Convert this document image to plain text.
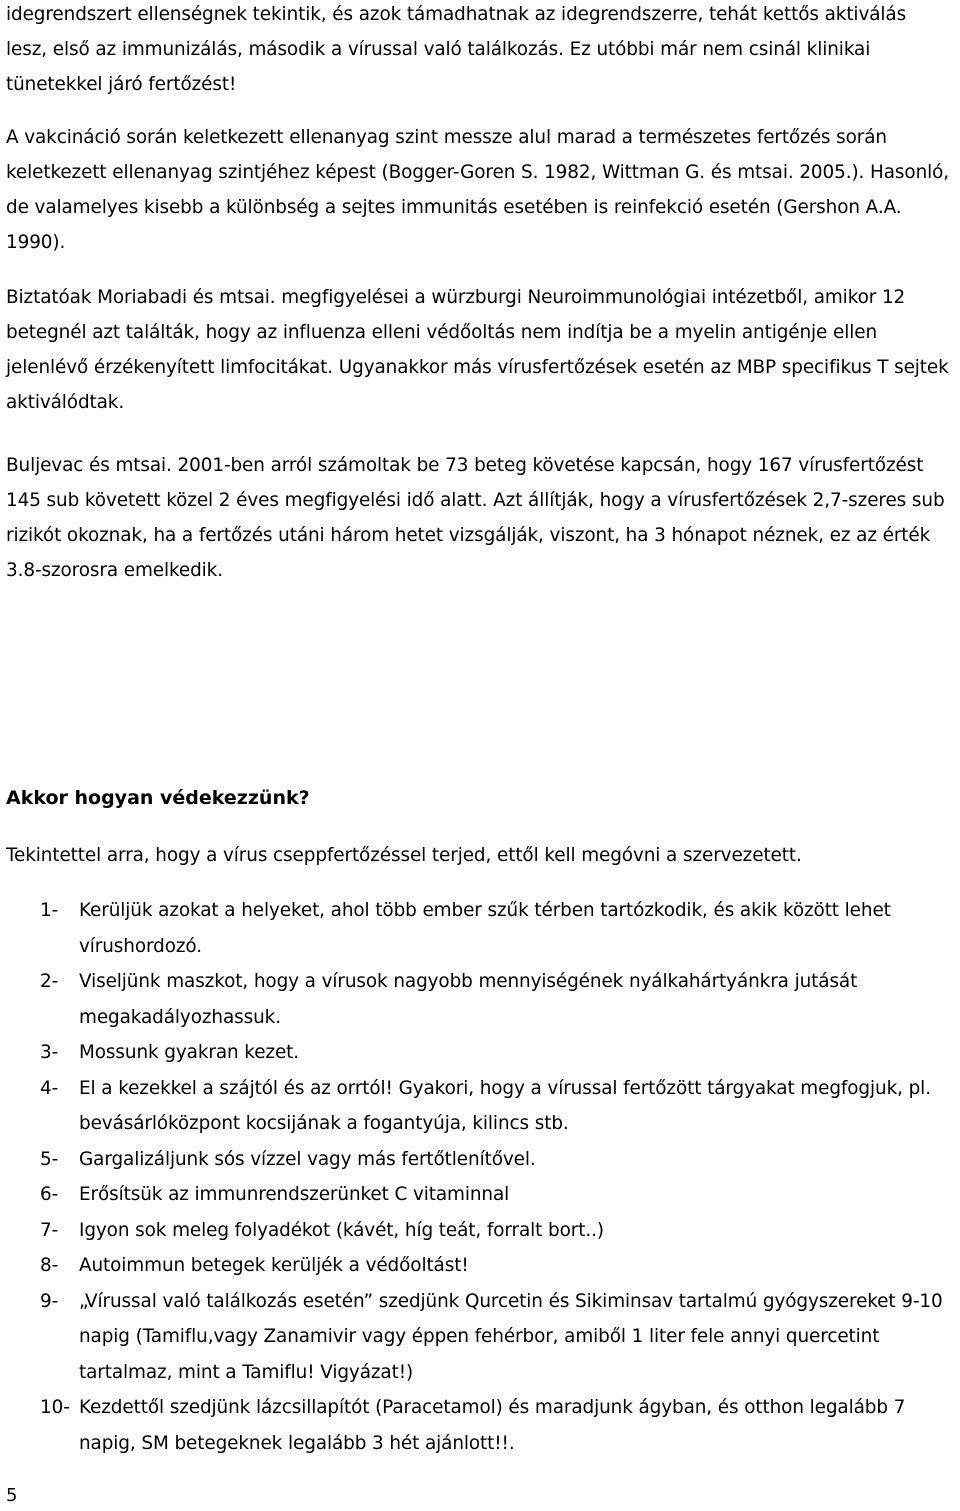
idegrendszert ellenségnek tekintik, és azok támadhatnak az idegrendszerre, tehát kettős aktiválás lesz, első az immunizálás, második a vírussal való találkozás. Ez utóbbi már nem csinál klinikai tünetekkel járó fertőzést!

A vakcináció során keletkezett ellenanyag szint messze alul marad a természetes fertőzés során keletkezett ellenanyag szintjéhez képest (Bogger-Goren S. 1982, Wittman G. és mtsai. 2005.). Hasonló, de valamelyes kisebb a különbség a sejtes immunitás esetében is reinfekció esetén (Gershon A.A. 1990).

Biztatóak Moriabadi és mtsai. megfigyelései a würzburgi Neuroimmunológiai intézetből, amikor 12 betegnél azt találták, hogy az influenza elleni védőoltás nem indítja be a myelin antigénje ellen jelenlévő érzékenyített limfocitákat. Ugyanakkor más vírusfertőzések esetén az MBP specifikus T sejtek aktiválódtak.

Buljevac és mtsai. 2001-ben arról számoltak be 73 beteg követése kapcsán, hogy 167 vírusfertőzést 145 sub követett közel 2 éves megfigyelési idő alatt. Azt állítják, hogy a vírusfertőzések 2,7-szeres sub rizikót okoznak, ha a fertőzés utáni három hetet vizsgálják, viszont, ha 3 hónapot néznek, ez az érték 3.8-szorosra emelkedik.

Akkor hogyan védekezzünk?

Tekintettel arra, hogy a vírus cseppfertőzéssel terjed, ettől kell megóvni a szervezetett.

1- Kerüljük azokat a helyeket, ahol több ember szűk térben tartózkodik, és akik között lehet vírushordozó.
2- Viseljünk maszkot, hogy a vírusok nagyobb mennyiségének nyálkahártyánkra jutását megakadályozhassuk.
3- Mossunk gyakran kezet.
4- El a kezekkel a szájtól és az orrtól! Gyakori, hogy a vírussal fertőzött tárgyakat megfogjuk, pl. bevásárlóközpont kocsijának a fogantyúja, kilincs stb.
5- Gargalizáljunk sós vízzel vagy más fertőtlenítővel.
6- Erősítsük az immunrendszerünket C vitaminnal
7- Igyon sok meleg folyadékot (kávét, híg teát, forralt bort..)
8- Autoimmun betegek kerüljék a védőoltást!
9- „Vírussal való találkozás esetén” szedjünk Qurcetin és Sikiminsav tartalmú gyógyszereket 9-10 napig (Tamiflu,vagy Zanamivir vagy éppen fehérbor, amiből 1 liter fele annyi quercetint tartalmaz, mint a Tamiflu! Vigyázat!)
10- Kezdettől szedjünk lázcsillapítót (Paracetamol) és maradjunk ágyban, és otthon legalább 7 napig, SM betegeknek legalább 3 hét ajánlott!!.
5
